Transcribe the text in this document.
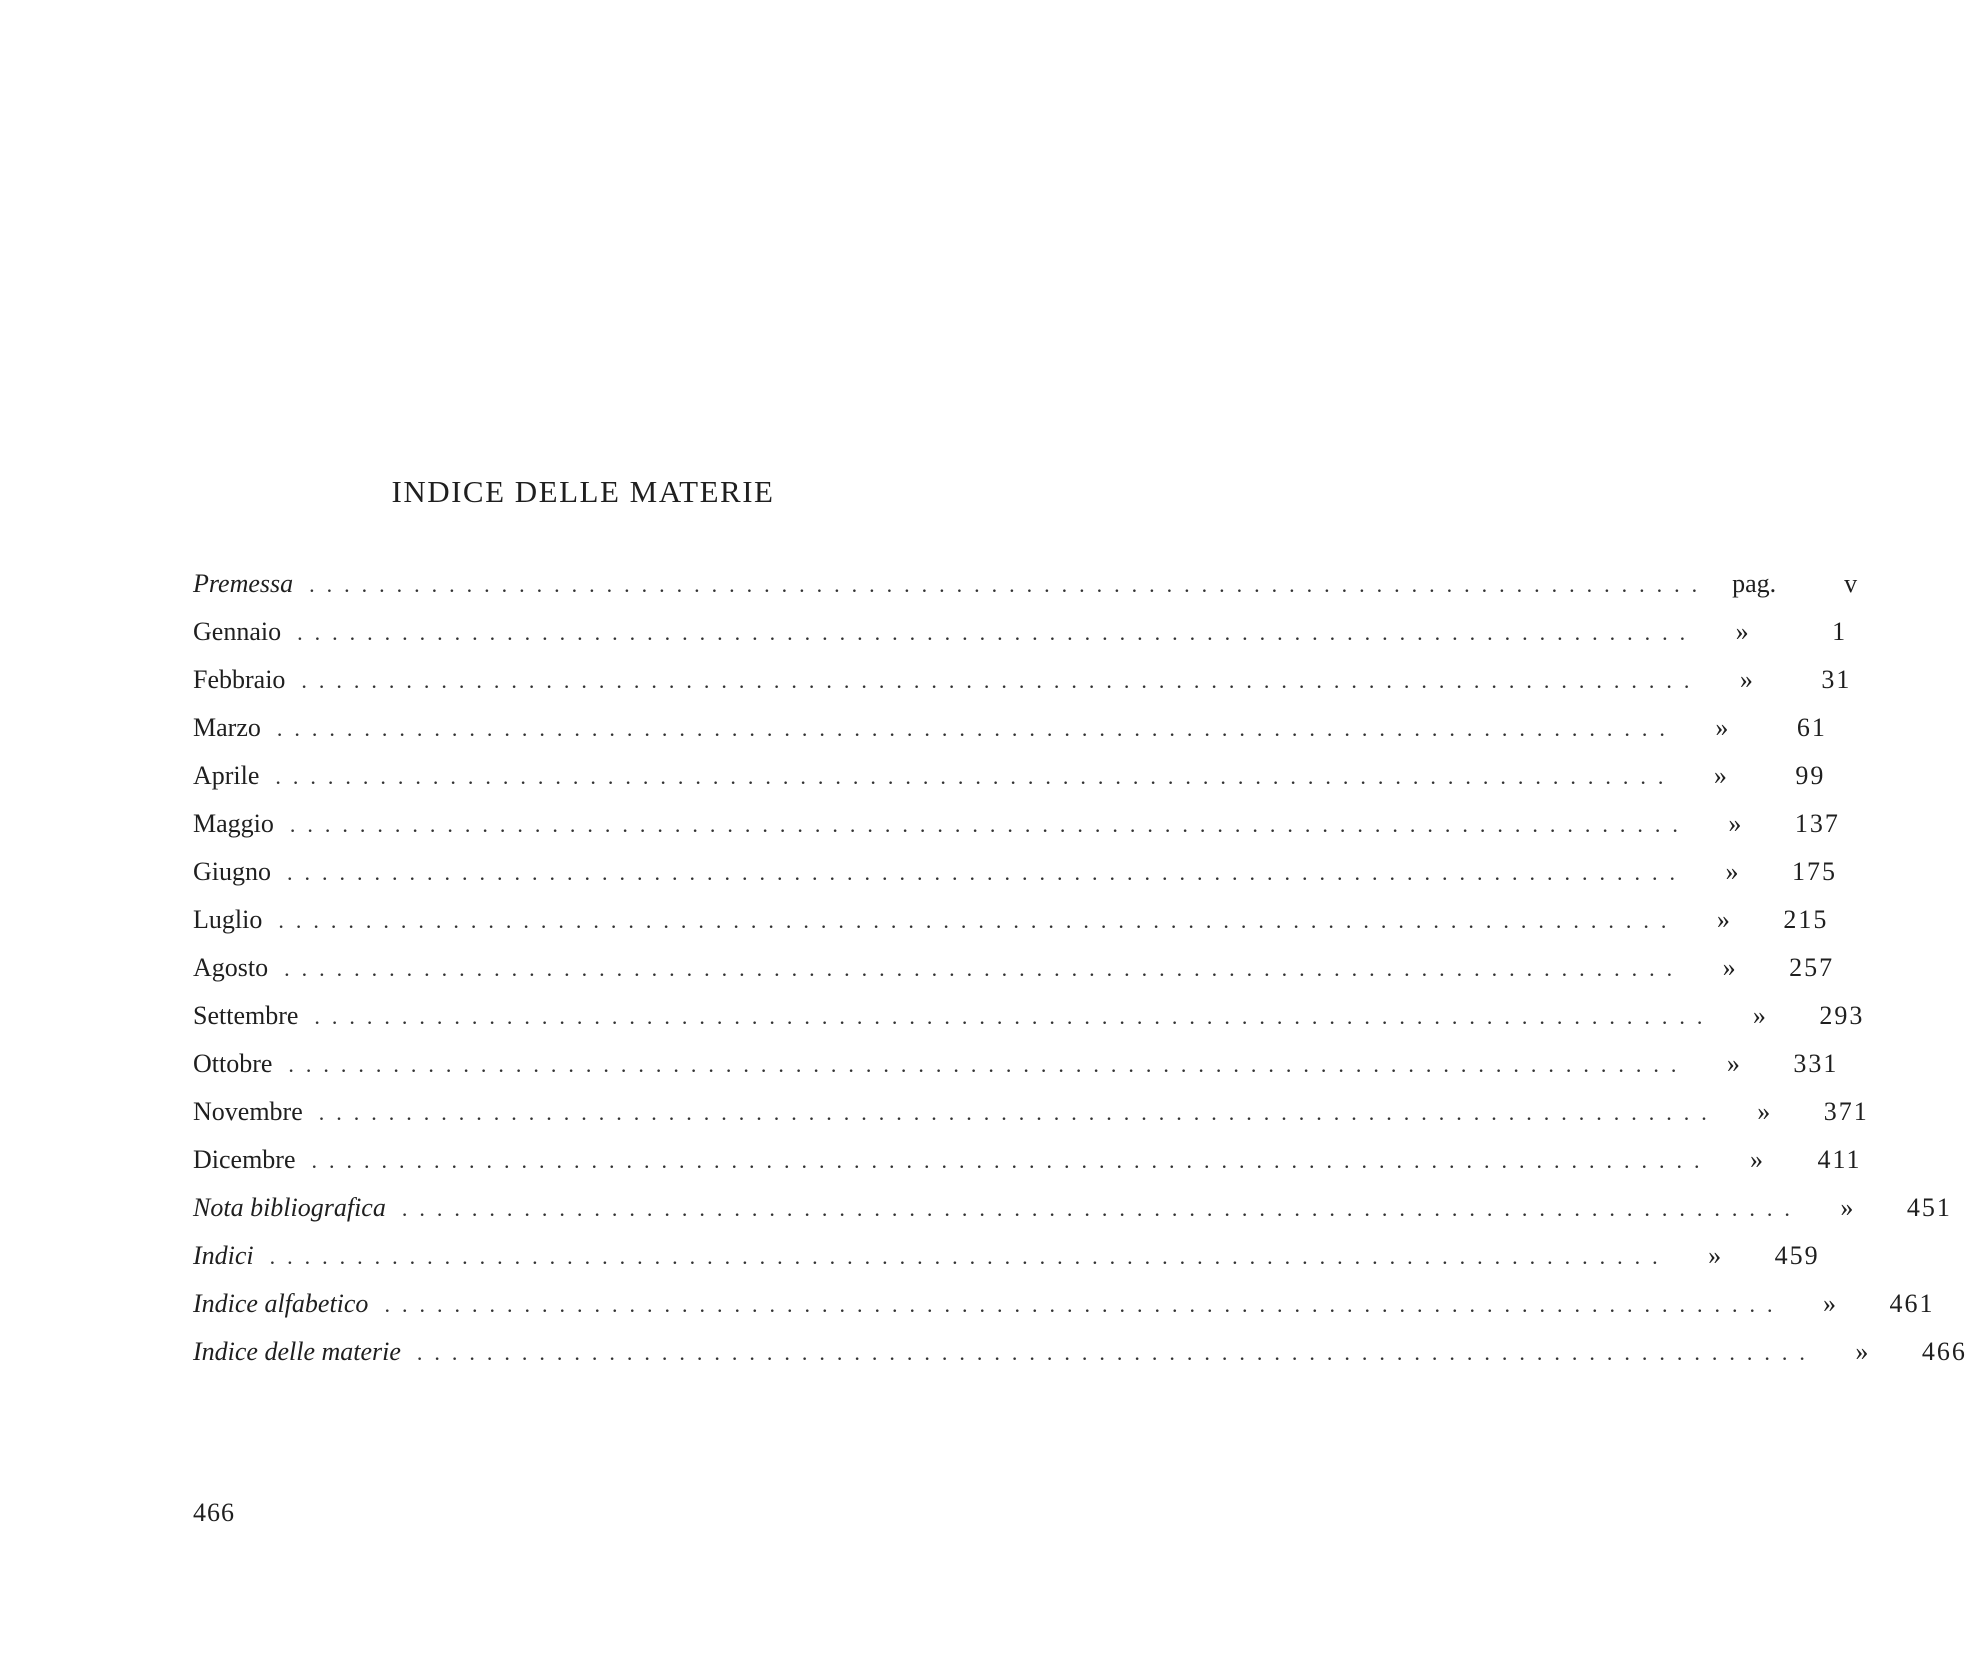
INDICE DELLE MATERIE
Premessa ................................................................................ pag.	v
Gennaio ................................................................................	»	1
Febbraio ................................................................................	»	31
Marzo ................................................................................	»	61
Aprile ................................................................................	»	99
Maggio ................................................................................	»	137
Giugno ................................................................................	»	175
Luglio ................................................................................	»	215
Agosto ................................................................................	»	257
Settembre ................................................................................	»	293
Ottobre ................................................................................	»	331
Novembre ................................................................................	»	371
Dicembre ................................................................................	»	411
Nota bibliografica ................................................................................	»	451
Indici ................................................................................	»	459
Indice alfabetico ................................................................................	»	461
Indice delle materie ................................................................................	»	466
466
